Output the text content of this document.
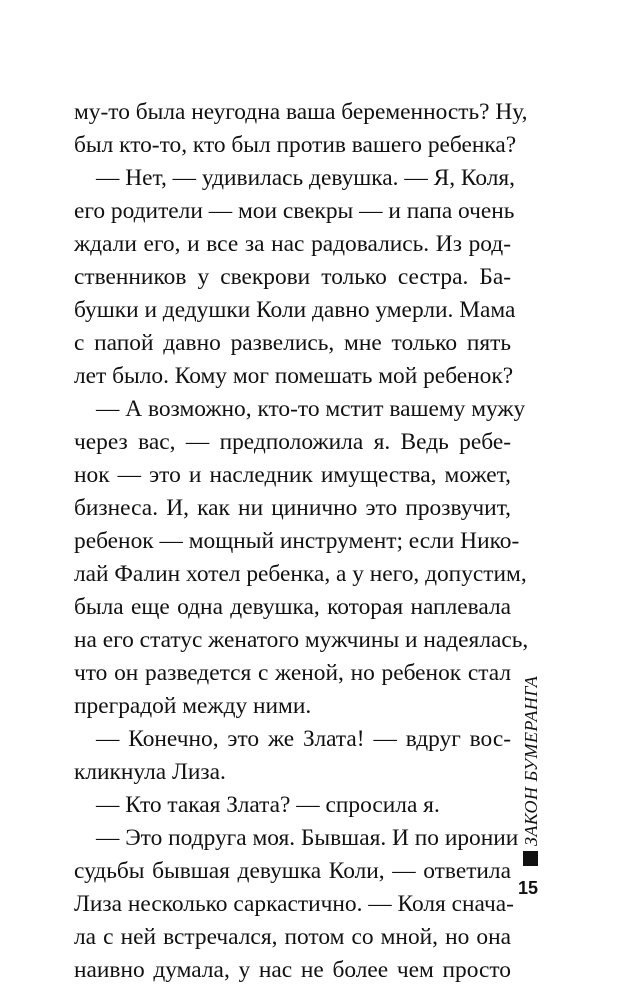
му-то была неугодна ваша беременность? Ну,
был кто-то, кто был против вашего ребенка?
— Нет, — удивилась девушка. — Я, Коля,
его родители — мои свекры — и папа очень
ждали его, и все за нас радовались. Из род-
ственников у свекрови только сестра. Ба-
бушки и дедушки Коли давно умерли. Мама
с папой давно развелись, мне только пять
лет было. Кому мог помешать мой ребенок?
— А возможно, кто-то мстит вашему мужу
через вас, — предположила я. Ведь ребе-
нок — это и наследник имущества, может,
бизнеса. И, как ни цинично это прозвучит,
ребенок — мощный инструмент; если Нико-
лай Фалин хотел ребенка, а у него, допустим,
была еще одна девушка, которая наплевала
на его статус женатого мужчины и надеялась,
что он разведется с женой, но ребенок стал
преградой между ними.
— Конечно, это же Злата! — вдруг вос-
кликнула Лиза.
— Кто такая Злата? — спросила я.
— Это подруга моя. Бывшая. И по иронии
судьбы бывшая девушка Коли, — ответила
Лиза несколько саркастично. — Коля снача-
ла с ней встречался, потом со мной, но она
наивно думала, у нас не более чем просто
ЗАКОН БУМЕРАНГА
15
